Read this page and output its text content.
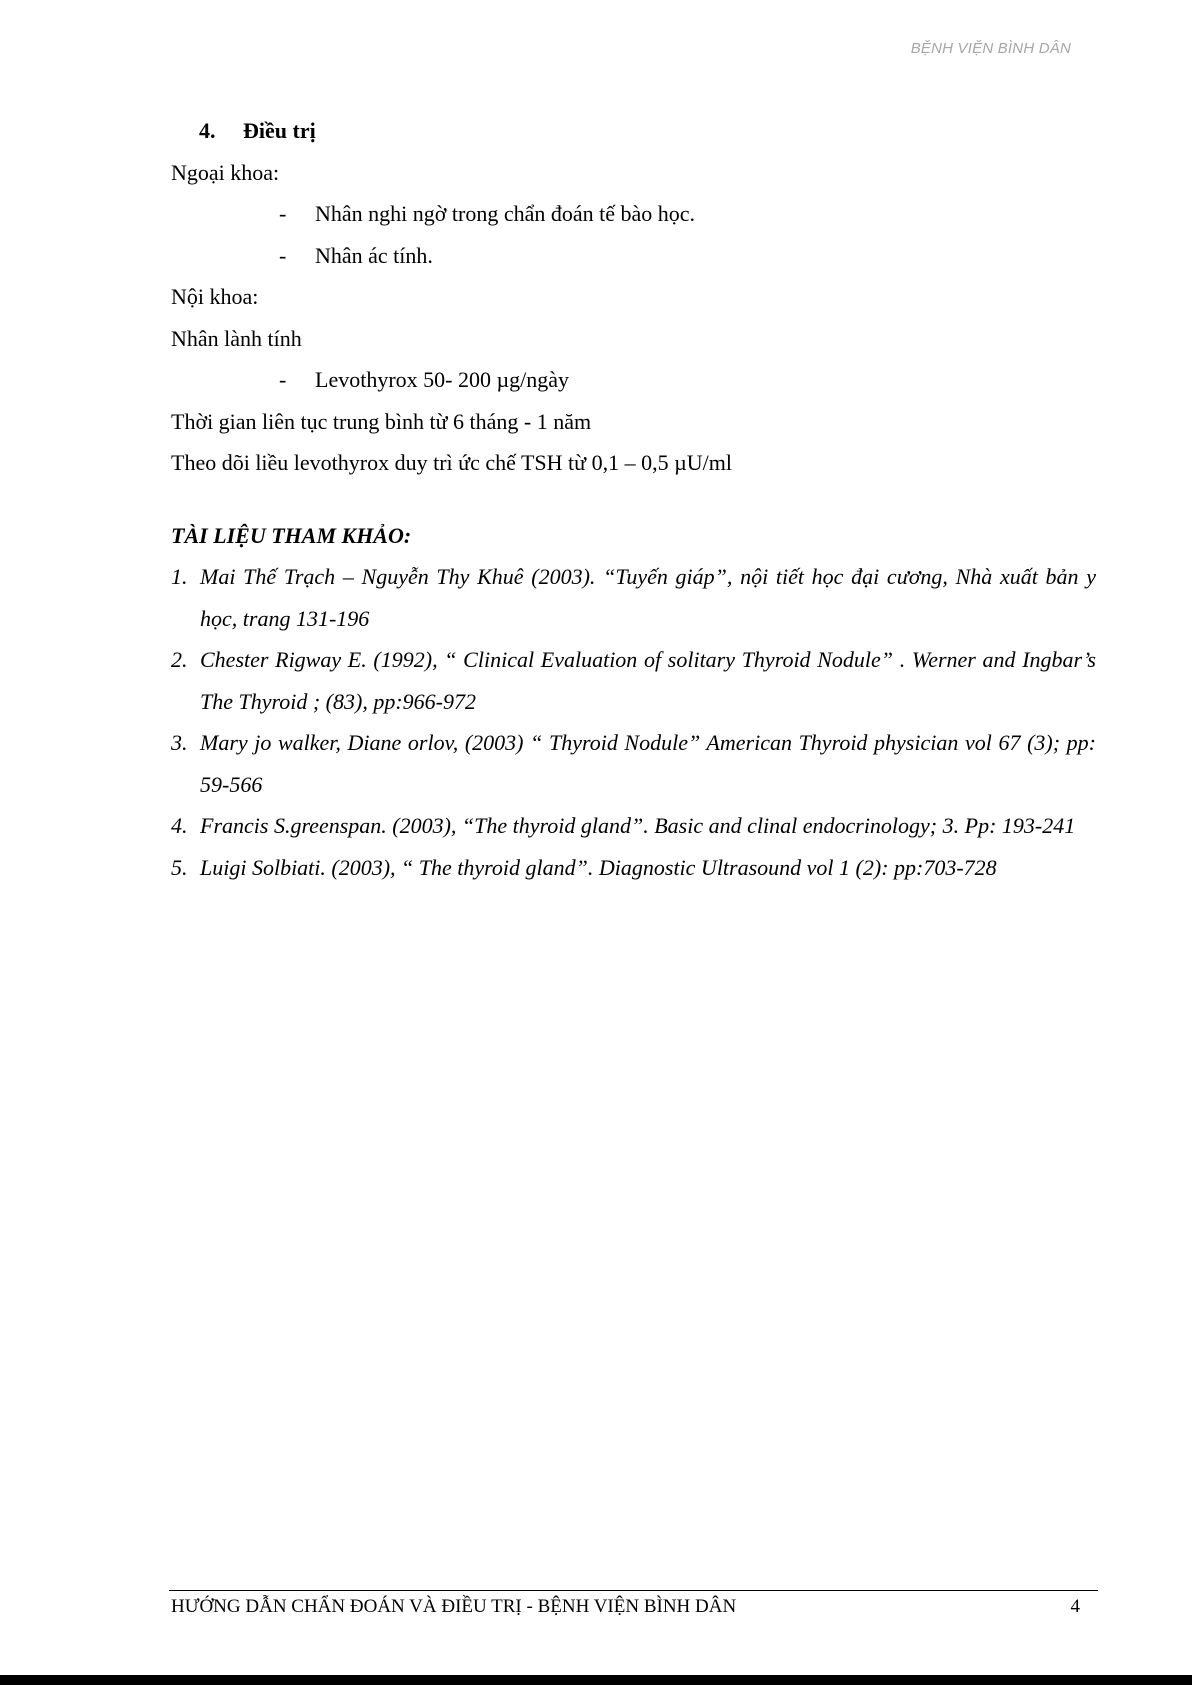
BỆNH VIỆN BÌNH DÂN

4. Điều trị

Ngoại khoa:

- Nhân nghi ngờ trong chẩn đoán tế bào học.

- Nhân ác tính.

Nội khoa:

Nhân lành tính

- Levothyrox 50- 200 µg/ngày

Thời gian liên tục trung bình từ 6 tháng - 1 năm

Theo dõi liều levothyrox duy trì ức chế TSH từ 0,1 – 0,5 µU/ml

TÀI LIỆU THAM KHẢO:

1. Mai Thế Trạch – Nguyễn Thy Khuê (2003). “Tuyến giáp”, nội tiết học đại cương, Nhà xuất bản y học, trang 131-196
2. Chester Rigway E. (1992), “ Clinical Evaluation of solitary Thyroid Nodule” . Werner and Ingbar’s The Thyroid ; (83), pp:966-972
3. Mary jo walker, Diane orlov, (2003) “ Thyroid Nodule” American Thyroid physician vol 67 (3); pp: 59-566
4. Francis S.greenspan. (2003), “The thyroid gland”. Basic and clinal endocrinology; 3. Pp: 193-241
5. Luigi Solbiati. (2003), “ The thyroid gland”. Diagnostic Ultrasound vol 1 (2): pp:703-728
HƯỚNG DẪN CHẨN ĐOÁN VÀ ĐIỀU TRỊ - BỆNH VIỆN BÌNH DÂN	4
